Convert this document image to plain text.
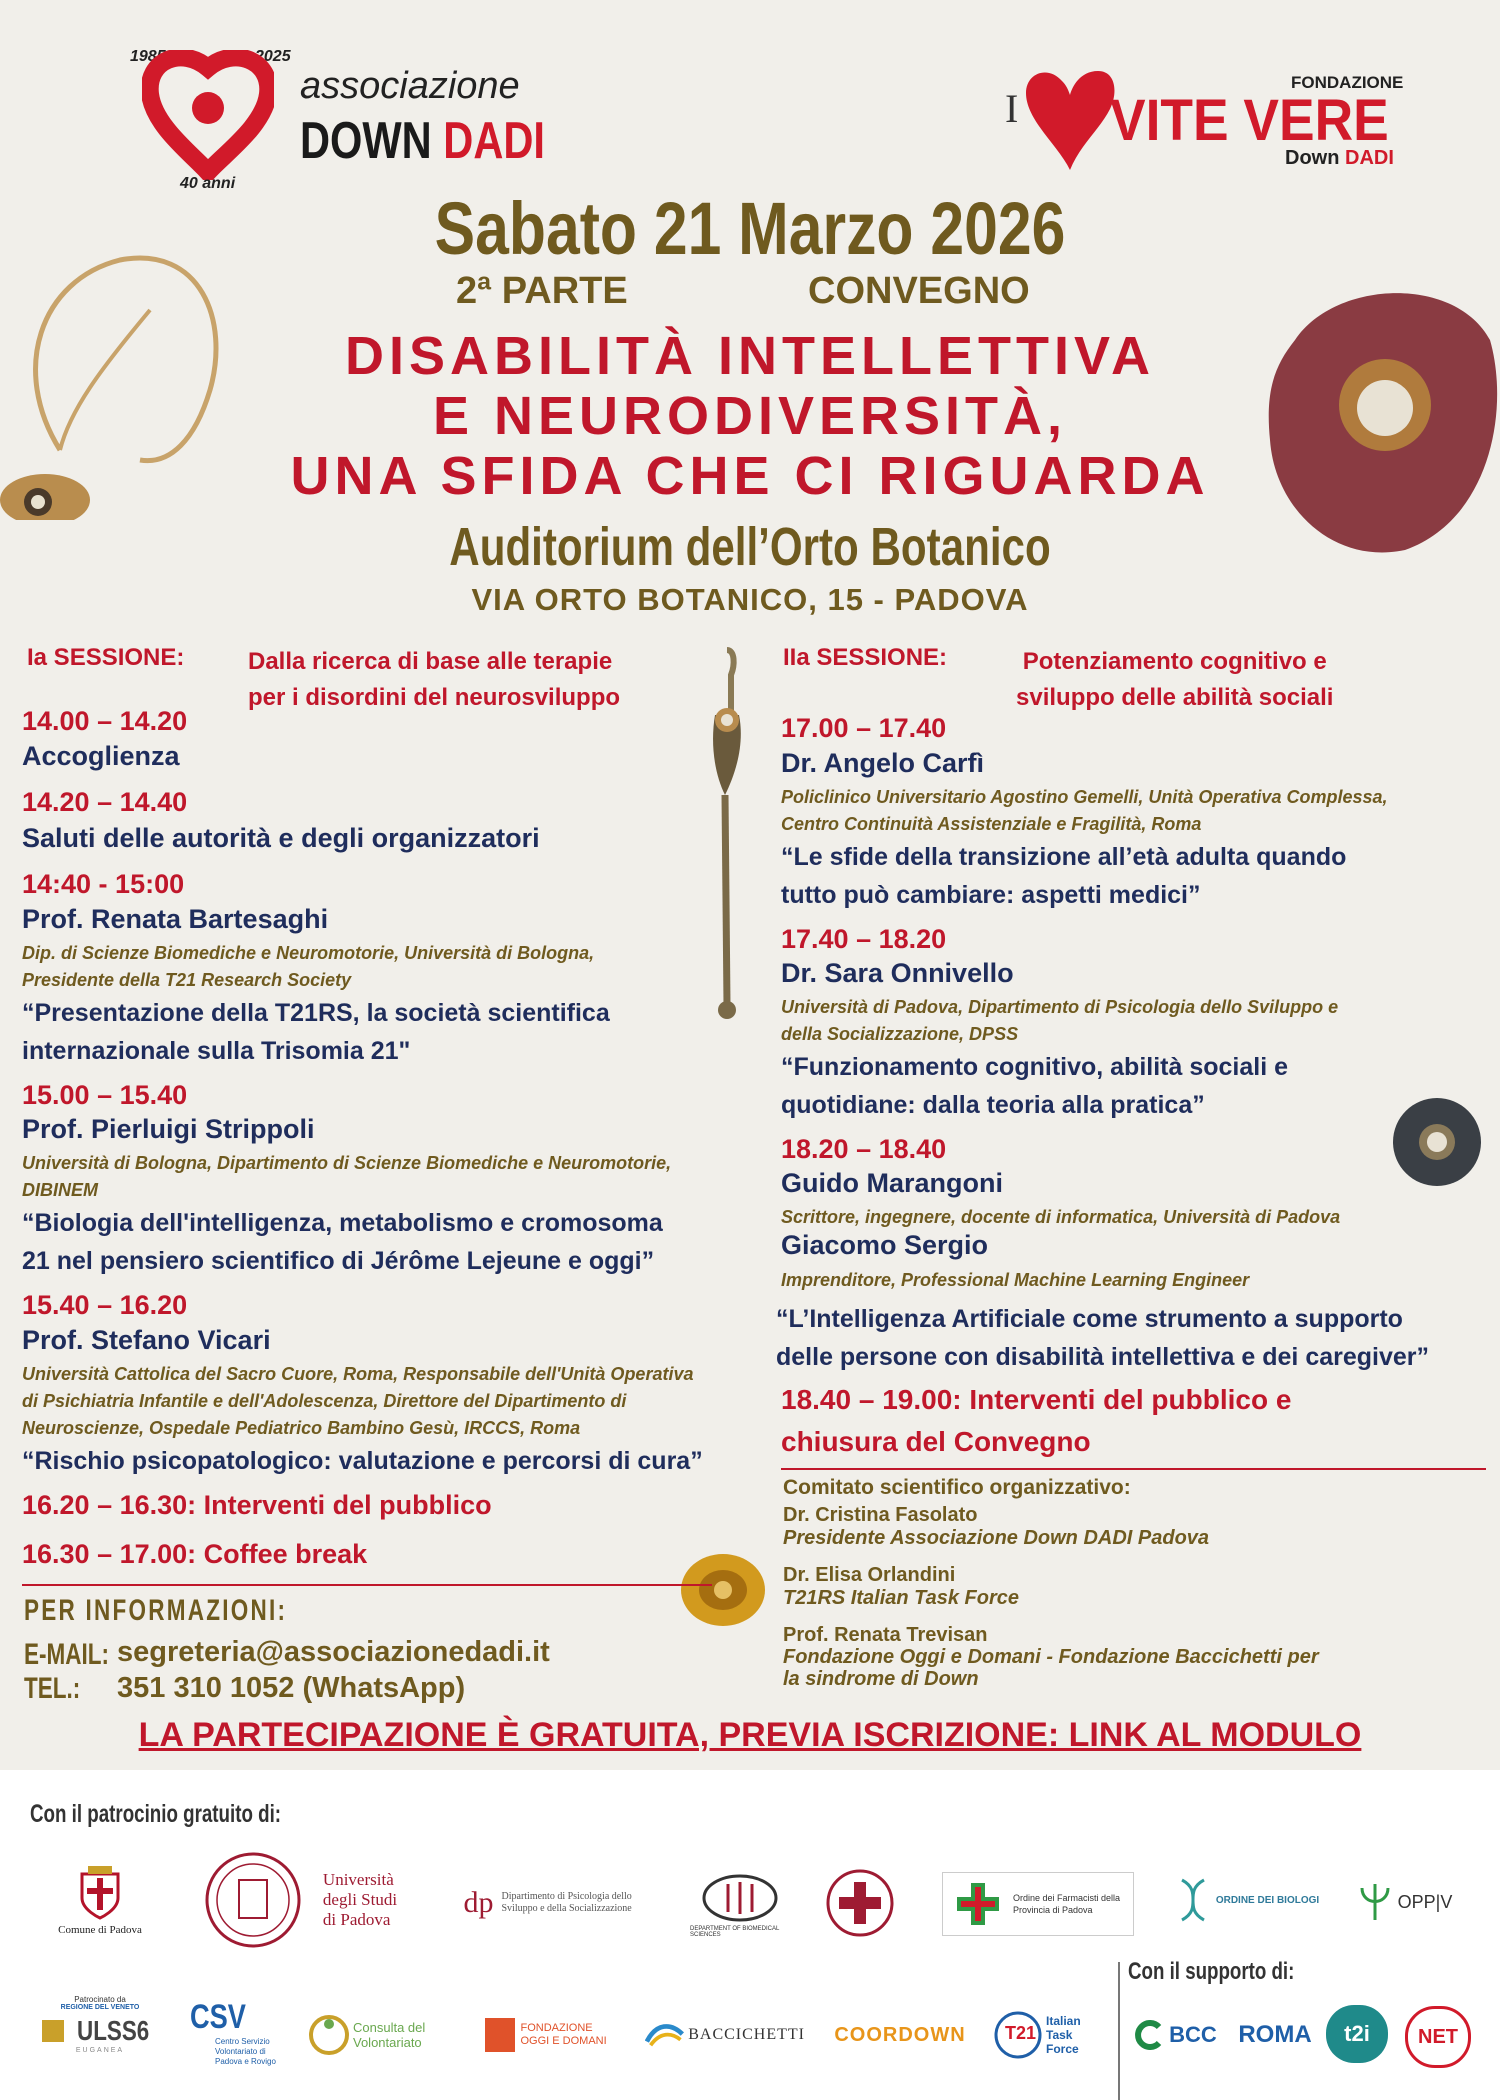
1985	2025
associazione
DOWN DADI
40 anni
I
FONDAZIONE
VITE VERE
Down DADI
Sabato 21 Marzo 2026
2ª PARTE	CONVEGNO
DISABILITÀ INTELLETTIVA
E NEURODIVERSITÀ,
UNA SFIDA CHE CI RIGUARDA
Auditorium dell’Orto Botanico
VIA ORTO BOTANICO, 15 - PADOVA
Ia SESSIONE:	Dalla ricerca di base alle terapie
per i disordini del neurosviluppo
14.00 – 14.20
Accoglienza
14.20 – 14.40
Saluti delle autorità e degli organizzatori
14:40 - 15:00
Prof. Renata Bartesaghi
Dip. di Scienze Biomediche e Neuromotorie, Università di Bologna,
Presidente della T21 Research Society
“Presentazione della T21RS, la società scientifica
internazionale sulla Trisomia 21"
15.00 – 15.40
Prof. Pierluigi Strippoli
Università di Bologna, Dipartimento di Scienze Biomediche e Neuromotorie,
DIBINEM
“Biologia dell'intelligenza, metabolismo e cromosoma
21 nel pensiero scientifico di Jérôme Lejeune e oggi”
15.40 – 16.20
Prof. Stefano Vicari
Università Cattolica del Sacro Cuore, Roma, Responsabile dell'Unità Operativa
di Psichiatria Infantile e dell'Adolescenza, Direttore del Dipartimento di
Neuroscienze, Ospedale Pediatrico Bambino Gesù, IRCCS, Roma
“Rischio psicopatologico: valutazione e percorsi di cura”
16.20 – 16.30: Interventi del pubblico
16.30 – 17.00: Coffee break
IIa SESSIONE:	Potenziamento cognitivo e
sviluppo delle abilità sociali
17.00 – 17.40
Dr. Angelo Carfì
Policlinico Universitario Agostino Gemelli, Unità Operativa Complessa,
Centro Continuità Assistenziale e Fragilità, Roma
“Le sfide della transizione all’età adulta quando
tutto può cambiare: aspetti medici”
17.40 – 18.20
Dr. Sara Onnivello
Università di Padova, Dipartimento di Psicologia dello Sviluppo e
della Socializzazione, DPSS
“Funzionamento cognitivo, abilità sociali e
quotidiane: dalla teoria alla pratica”
18.20 – 18.40
Guido Marangoni
Scrittore, ingegnere, docente di informatica, Università di Padova
Giacomo Sergio
Imprenditore, Professional Machine Learning Engineer
“L’Intelligenza Artificiale come strumento a supporto
delle persone con disabilità intellettiva e dei caregiver”
18.40 – 19.00: Interventi del pubblico e
chiusura del Convegno
Comitato scientifico organizzativo:
Dr. Cristina Fasolato
Presidente Associazione Down DADI Padova
Dr. Elisa Orlandini
T21RS Italian Task Force
Prof. Renata Trevisan
Fondazione Oggi e Domani - Fondazione Baccichetti per
la sindrome di Down
PER INFORMAZIONI:
E-MAIL: segreteria@associazionedadi.it
TEL.: 351 310 1052 (WhatsApp)
LA PARTECIPAZIONE È GRATUITA, PREVIA ISCRIZIONE: LINK AL MODULO
Con il patrocinio gratuito di:
Comune di Padova
Università
degli Studi
di Padova
dp Dipartimento di Psicologia dello Sviluppo e della Socializzazione
DEPARTMENT OF BIOMEDICAL SCIENCES
Ordine dei Farmacisti della Provincia di Padova
ORDINE DEI BIOLOGI	OPP|V
Con il supporto di:
Patrocinato da
REGIONE DEL VENETO
ULSS6
EUGANEA
CSV
Centro Servizio Volontariato di Padova e Rovigo
Consulta del Volontariato
FONDAZIONE OGGI E DOMANI	BACCICHETTI COORDOWN T21
Italian Task Force
BCC ROMA t2i NET
